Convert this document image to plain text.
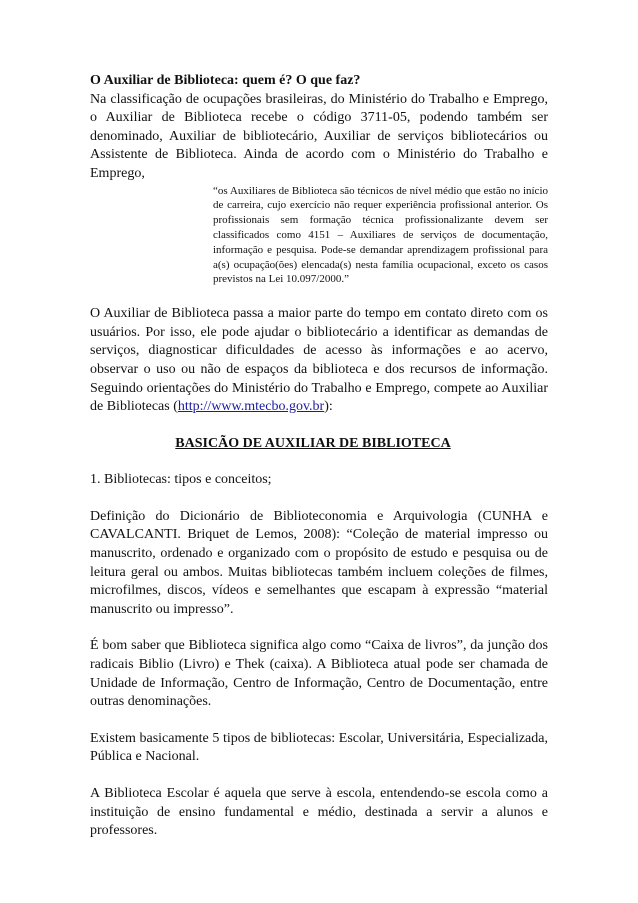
O Auxiliar de Biblioteca: quem é? O que faz?

Na classificação de ocupações brasileiras, do Ministério do Trabalho e Emprego, o Auxiliar de Biblioteca recebe o código 3711-05, podendo também ser denominado, Auxiliar de bibliotecário, Auxiliar de serviços bibliotecários ou Assistente de Biblioteca. Ainda de acordo com o Ministério do Trabalho e Emprego,

“os Auxiliares de Biblioteca são técnicos de nível médio que estão no início de carreira, cujo exercício não requer experiência profissional anterior. Os profissionais sem formação técnica profissionalizante devem ser classificados como 4151 – Auxiliares de serviços de documentação, informação e pesquisa. Pode-se demandar aprendizagem profissional para a(s) ocupação(ões) elencada(s) nesta família ocupacional, exceto os casos previstos na Lei 10.097/2000.”

O Auxiliar de Biblioteca passa a maior parte do tempo em contato direto com os usuários. Por isso, ele pode ajudar o bibliotecário a identificar as demandas de serviços, diagnosticar dificuldades de acesso às informações e ao acervo, observar o uso ou não de espaços da biblioteca e dos recursos de informação. Seguindo orientações do Ministério do Trabalho e Emprego, compete ao Auxiliar de Bibliotecas (http://www.mtecbo.gov.br):

BASICÃO DE AUXILIAR DE BIBLIOTECA

1. Bibliotecas: tipos e conceitos;

Definição do Dicionário de Biblioteconomia e Arquivologia (CUNHA e CAVALCANTI. Briquet de Lemos, 2008): “Coleção de material impresso ou manuscrito, ordenado e organizado com o propósito de estudo e pesquisa ou de leitura geral ou ambos. Muitas bibliotecas também incluem coleções de filmes, microfilmes, discos, vídeos e semelhantes que escapam à expressão “material manuscrito ou impresso”.

É bom saber que Biblioteca significa algo como “Caixa de livros”, da junção dos radicais Biblio (Livro) e Thek (caixa). A Biblioteca atual pode ser chamada de Unidade de Informação, Centro de Informação, Centro de Documentação, entre outras denominações.

Existem basicamente 5 tipos de bibliotecas: Escolar, Universitária, Especializada, Pública e Nacional.

A Biblioteca Escolar é aquela que serve à escola, entendendo-se escola como a instituição de ensino fundamental e médio, destinada a servir a alunos e professores.
